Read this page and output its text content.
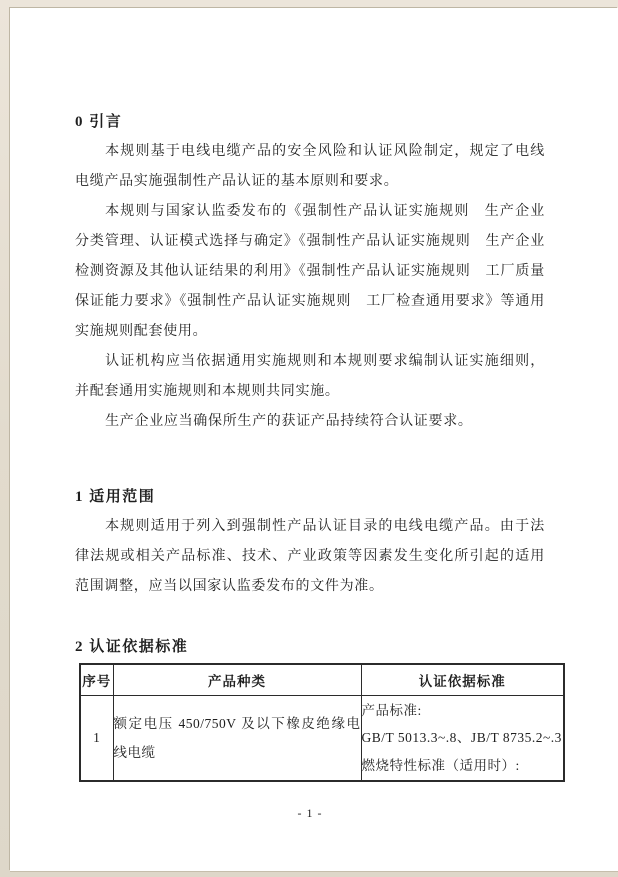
0 引言

本规则基于电线电缆产品的安全风险和认证风险制定，规定了电线电缆产品实施强制性产品认证的基本原则和要求。

本规则与国家认监委发布的《强制性产品认证实施规则　生产企业分类管理、认证模式选择与确定》《强制性产品认证实施规则　生产企业检测资源及其他认证结果的利用》《强制性产品认证实施规则　工厂质量保证能力要求》《强制性产品认证实施规则　工厂检查通用要求》等通用实施规则配套使用。

认证机构应当依据通用实施规则和本规则要求编制认证实施细则，并配套通用实施规则和本规则共同实施。

生产企业应当确保所生产的获证产品持续符合认证要求。

1 适用范围

本规则适用于列入到强制性产品认证目录的电线电缆产品。由于法律法规或相关产品标准、技术、产业政策等因素发生变化所引起的适用范围调整，应当以国家认监委发布的文件为准。

2 认证依据标准
序号	产品种类	认证依据标准
1	额定电压 450/750V 及以下橡皮绝缘电线电缆	产品标准:
GB/T 5013.3~.8、JB/T 8735.2~.3
燃烧特性标准（适用时）:
- 1 -
